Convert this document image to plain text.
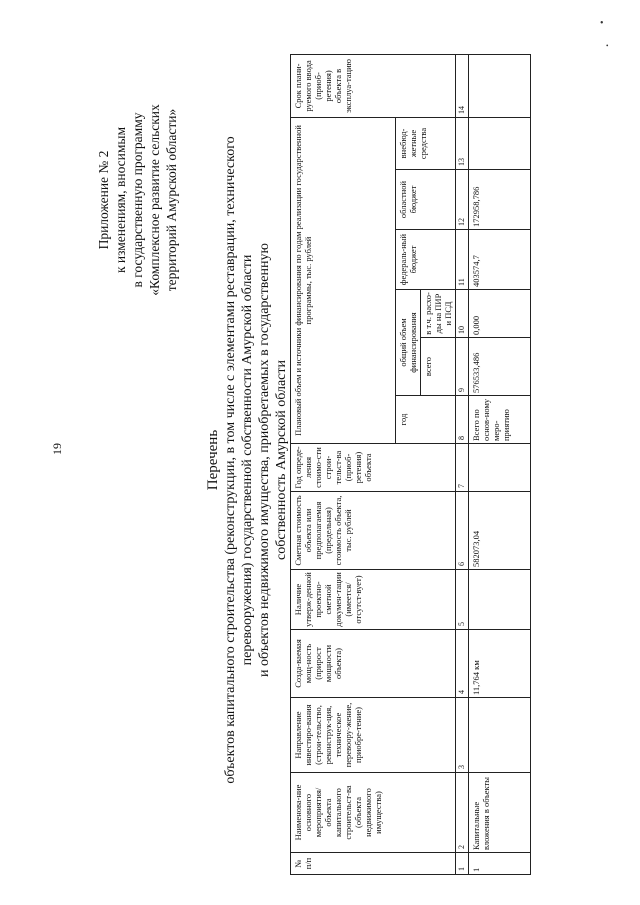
19
•
•
Приложение № 2 к изменениям, вносимым в государственную программу «Комплексное развитие сельских территорий Амурской области»
Перечень объектов капитального строительства (реконструкции, в том числе с элементами реставрации, технического перевооружения) государственной собственности Амурской области и объектов недвижимого имущества, приобретаемых в государственную собственность Амурской области
№ п/п	Наименова-ние основного мероприятия/ объекта капитального строительст-ва (объекта недвижимого имущества)	Направление инвестиро-вания (строи-тельство, реконструк-ция, техническое перевоору-жение, приобре-тение)	Созда-ваемая мощ-ность (прирост мощности объекта)	Наличие утверж-денной проектно-сметной докумен-тации (имеется/ отсутст-вует)	Сметная стоимость объекта или предполагаемая (предельная) стоимость объекта, тыс. рублей	Год опреде-ления стоимо-сти строи-тельст-ва (приоб-ретения) объекта	Плановый объем и источники финансирования по годам реализации государственной программы, тыс. рублей						Срок плани-руемого ввода (приоб-ретения) объекта в эксплуа-тацию
							год	общий объем финансирования		федераль-ный бюджет	областной бюджет	внебюд-жетные средства	
								всего	в т.ч. расхо-ды на ПИР и ПСД				
1	2	3	4	5	6	7	8	9	10	11	12	13	14
1	Капитальные вложения в объекты		11,764 км		582073,04		Всего по основ-ному меро-приятию	576533,486	0,000	403574,7	172958,786		
